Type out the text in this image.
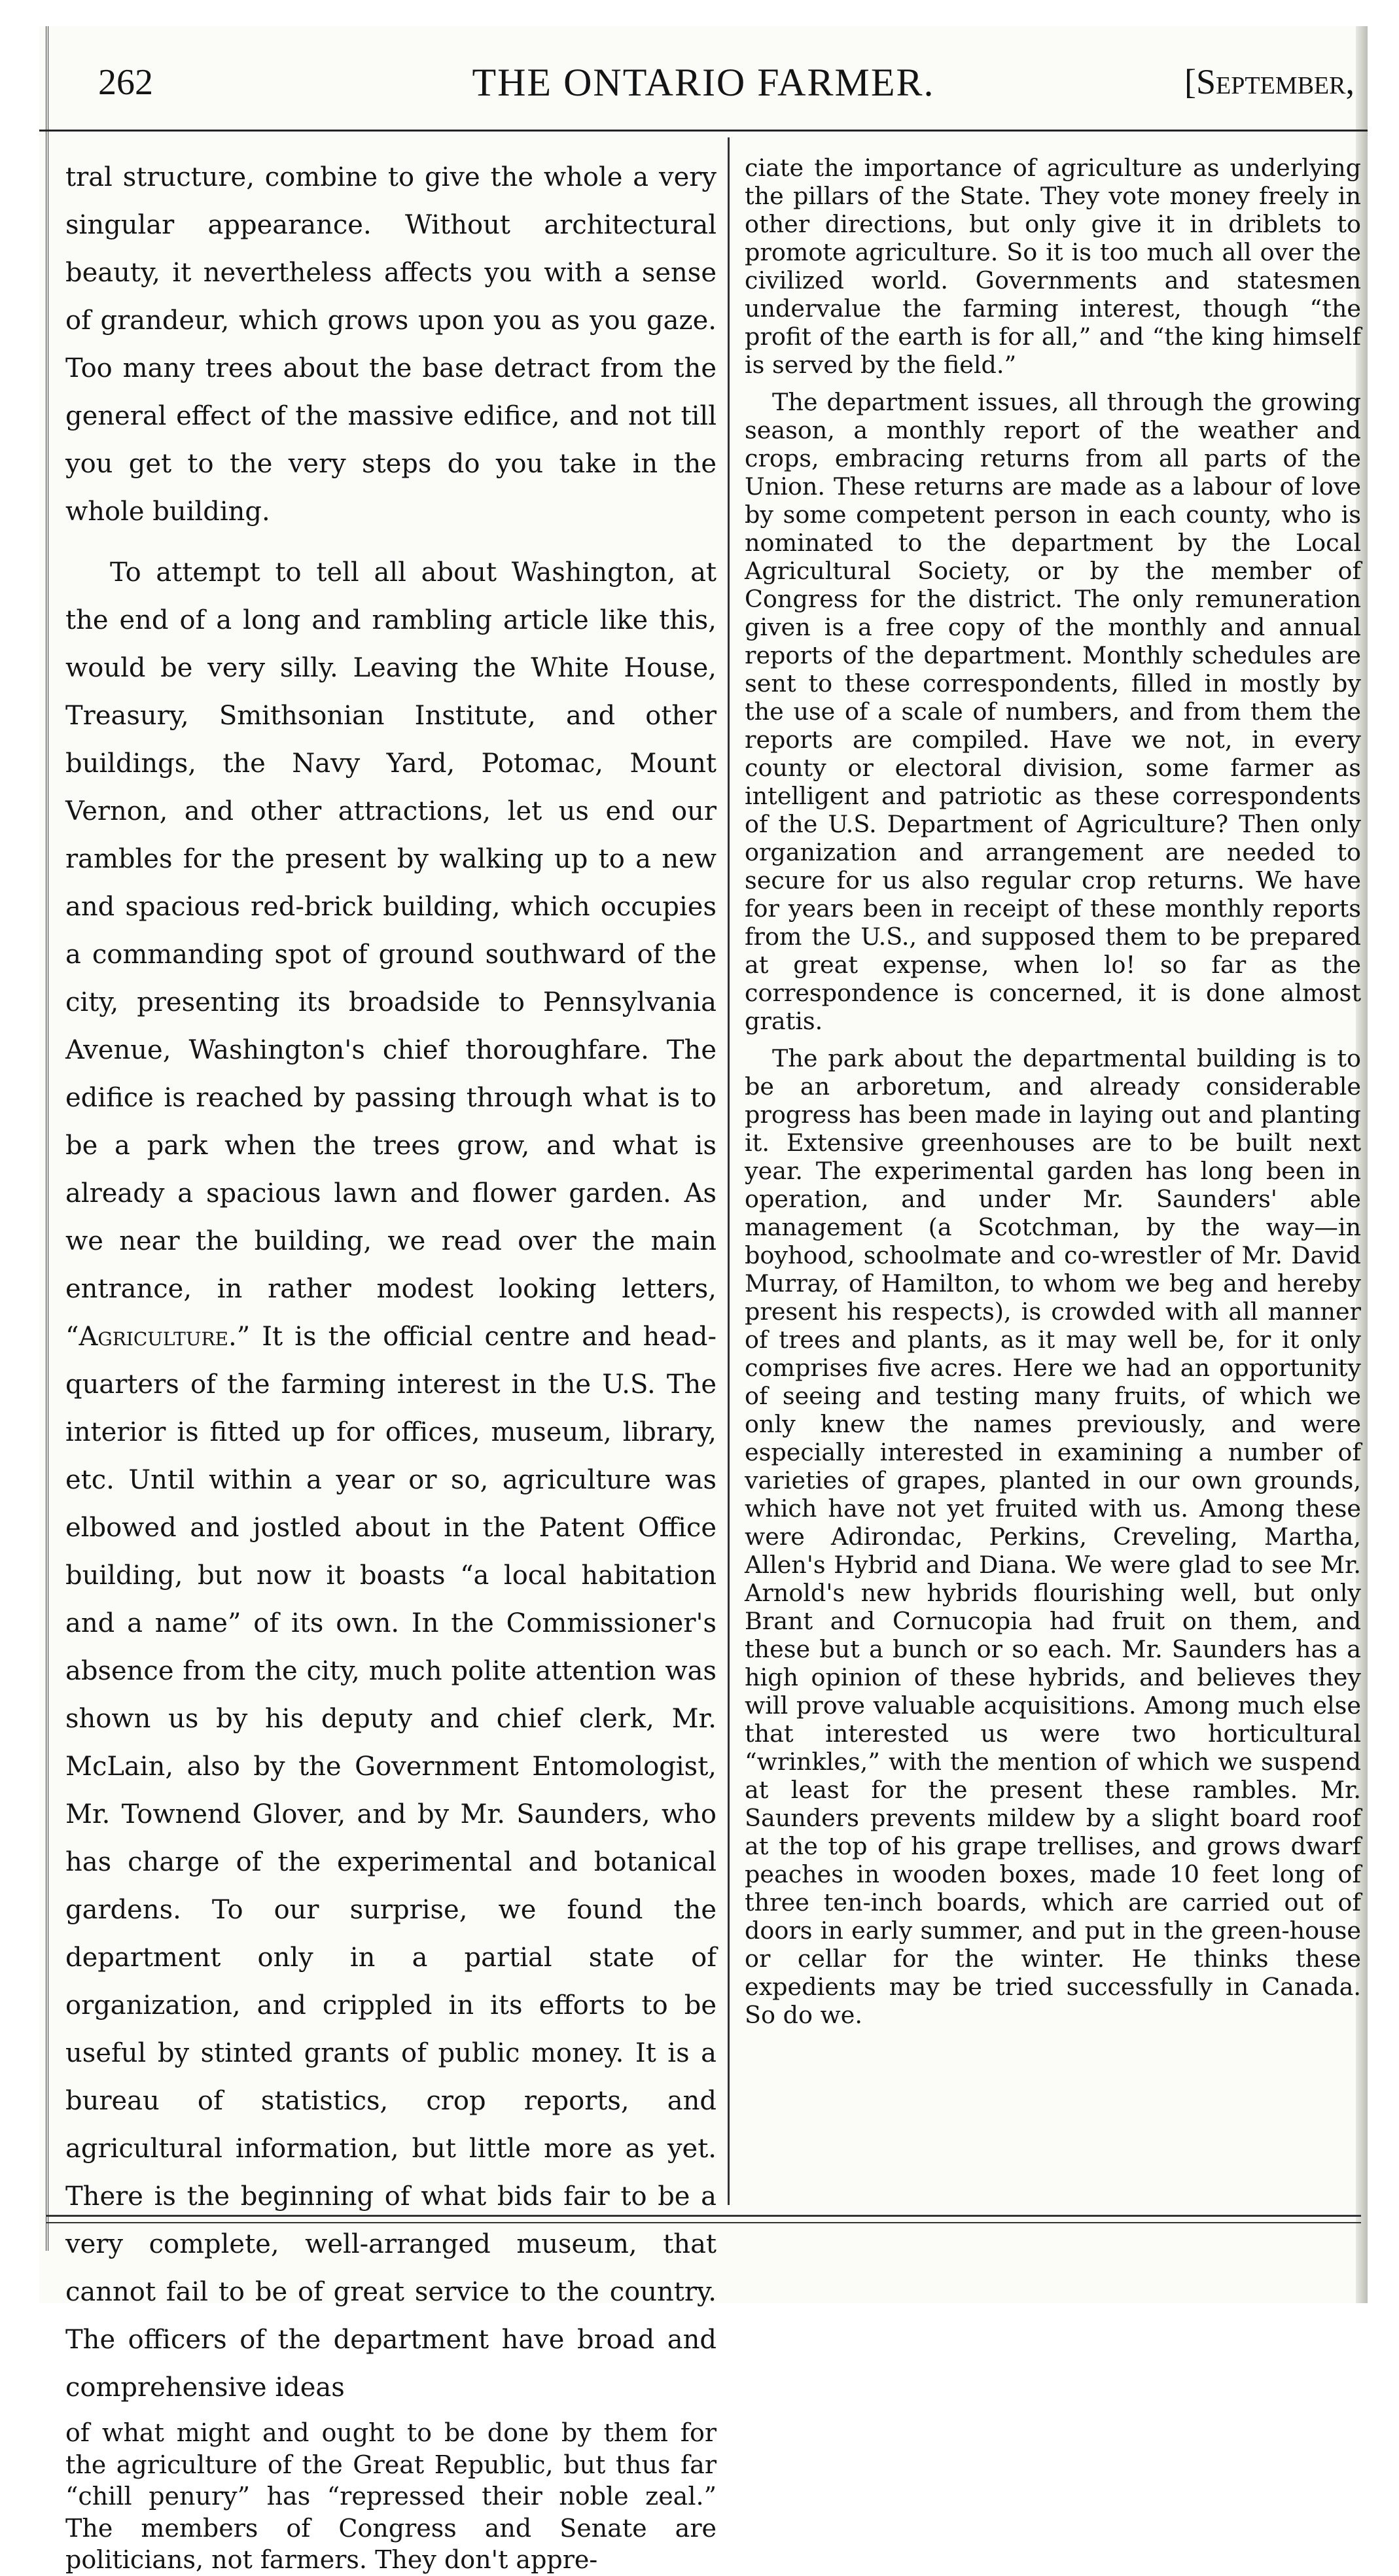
262	THE ONTARIO FARMER.	[September,

tral structure, combine to give the whole a very singular appearance. Without architectural beauty, it nevertheless affects you with a sense of grandeur, which grows upon you as you gaze. Too many trees about the base detract from the general effect of the massive edifice, and not till you get to the very steps do you take in the whole building.

To attempt to tell all about Washington, at the end of a long and rambling article like this, would be very silly. Leaving the White House, Treasury, Smithsonian Institute, and other buildings, the Navy Yard, Potomac, Mount Vernon, and other attractions, let us end our rambles for the present by walking up to a new and spacious red-brick building, which occupies a commanding spot of ground southward of the city, presenting its broadside to Pennsylvania Avenue, Washington's chief thoroughfare. The edifice is reached by passing through what is to be a park when the trees grow, and what is already a spacious lawn and flower garden. As we near the building, we read over the main entrance, in rather modest looking letters, “Agriculture.” It is the official centre and head-quarters of the farming interest in the U.S. The interior is fitted up for offices, museum, library, etc. Until within a year or so, agriculture was elbowed and jostled about in the Patent Office building, but now it boasts “a local habitation and a name” of its own. In the Commissioner's absence from the city, much polite attention was shown us by his deputy and chief clerk, Mr. McLain, also by the Government Entomologist, Mr. Townend Glover, and by Mr. Saunders, who has charge of the experimental and botanical gardens. To our surprise, we found the department only in a partial state of organization, and crippled in its efforts to be useful by stinted grants of public money. It is a bureau of statistics, crop reports, and agricultural information, but little more as yet. There is the beginning of what bids fair to be a very complete, well-arranged museum, that cannot fail to be of great service to the country. The officers of the department have broad and comprehensive ideas

of what might and ought to be done by them for the agriculture of the Great Republic, but thus far “chill penury” has “repressed their noble zeal.” The members of Congress and Senate are politicians, not farmers. They don't appre-

ciate the importance of agriculture as underlying the pillars of the State. They vote money freely in other directions, but only give it in driblets to promote agriculture. So it is too much all over the civilized world. Governments and statesmen undervalue the farming interest, though “the profit of the earth is for all,” and “the king himself is served by the field.”

The department issues, all through the growing season, a monthly report of the weather and crops, embracing returns from all parts of the Union. These returns are made as a labour of love by some competent person in each county, who is nominated to the department by the Local Agricultural Society, or by the member of Congress for the district. The only remuneration given is a free copy of the monthly and annual reports of the department. Monthly schedules are sent to these correspondents, filled in mostly by the use of a scale of numbers, and from them the reports are compiled. Have we not, in every county or electoral division, some farmer as intelligent and patriotic as these correspondents of the U.S. Department of Agriculture? Then only organization and arrangement are needed to secure for us also regular crop returns. We have for years been in receipt of these monthly reports from the U.S., and supposed them to be prepared at great expense, when lo! so far as the correspondence is concerned, it is done almost gratis.

The park about the departmental building is to be an arboretum, and already considerable progress has been made in laying out and planting it. Extensive greenhouses are to be built next year. The experimental garden has long been in operation, and under Mr. Saunders' able management (a Scotchman, by the way—in boyhood, schoolmate and co-wrestler of Mr. David Murray, of Hamilton, to whom we beg and hereby present his respects), is crowded with all manner of trees and plants, as it may well be, for it only comprises five acres. Here we had an opportunity of seeing and testing many fruits, of which we only knew the names previously, and were especially interested in examining a number of varieties of grapes, planted in our own grounds, which have not yet fruited with us. Among these were Adirondac, Perkins, Creveling, Martha, Allen's Hybrid and Diana. We were glad to see Mr. Arnold's new hybrids flourishing well, but only Brant and Cornucopia had fruit on them, and these but a bunch or so each. Mr. Saunders has a high opinion of these hybrids, and believes they will prove valuable acquisitions. Among much else that interested us were two horticultural “wrinkles,” with the mention of which we suspend at least for the present these rambles. Mr. Saunders prevents mildew by a slight board roof at the top of his grape trellises, and grows dwarf peaches in wooden boxes, made 10 feet long of three ten-inch boards, which are carried out of doors in early summer, and put in the green-house or cellar for the winter. He thinks these expedients may be tried successfully in Canada. So do we.
